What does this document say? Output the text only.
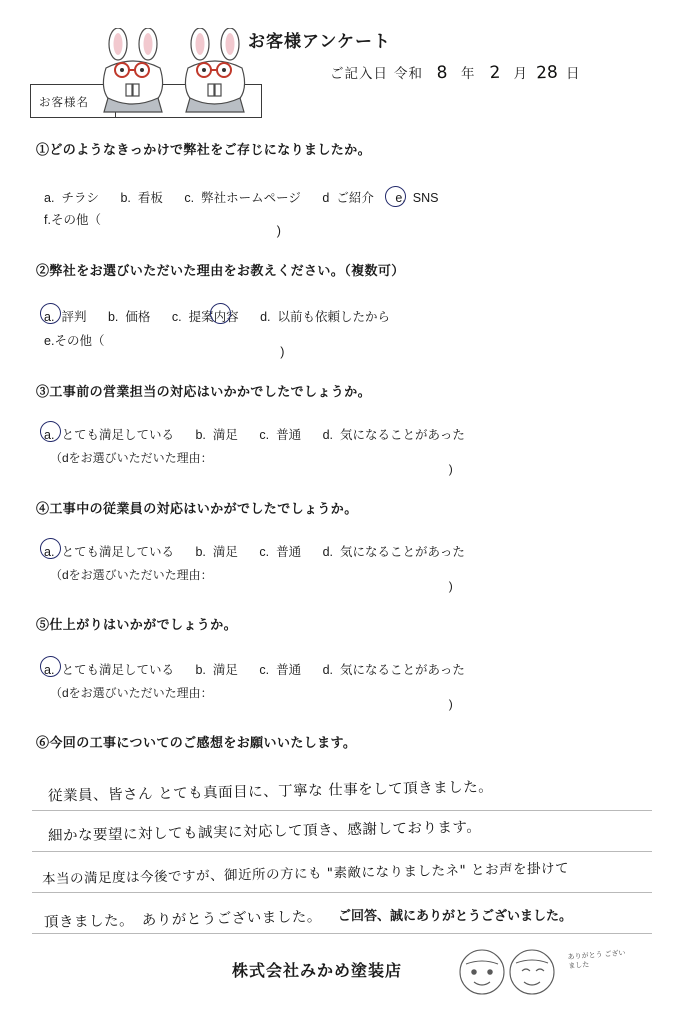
お客様アンケート
ご記入日 令和 8 年 2 月 28 日
お客様名
①どのようなきっかけで弊社をご存じになりましたか。
a. チラシ b. 看板 c. 弊社ホームページ d ご紹介 e. SNS
f.その他（
②弊社をお選びいただいた理由をお教えください。（複数可）
a. 評判 b. 価格 c. 提案内容 d. 以前も依頼したから
e.その他（
③工事前の営業担当の対応はいかかでしたでしょうか。
a. とても満足している b. 満足 c. 普通 d. 気になることがあった
（dをお選びいただいた理由：
④工事中の従業員の対応はいかがでしたでしょうか。
a. とても満足している b. 満足 c. 普通 d. 気になることがあった
（dをお選びいただいた理由：
⑤仕上がりはいかがでしょうか。
a. とても満足している b. 満足 c. 普通 d. 気になることがあった
（dをお選びいただいた理由：
⑥今回の工事についてのご感想をお願いいたします。
従業員、皆さん とても真面目に、丁寧な 仕事をして頂きました。
細かな要望に対しても誠実に対応して頂き、感謝しております。
本当の満足度は今後ですが、御近所の方にも "素敵になりましたネ" とお声を掛けて
頂きました。　ありがとうございました。 ご回答、誠にありがとうございました。
株式会社みかめ塗装店
ありがとう ございました
